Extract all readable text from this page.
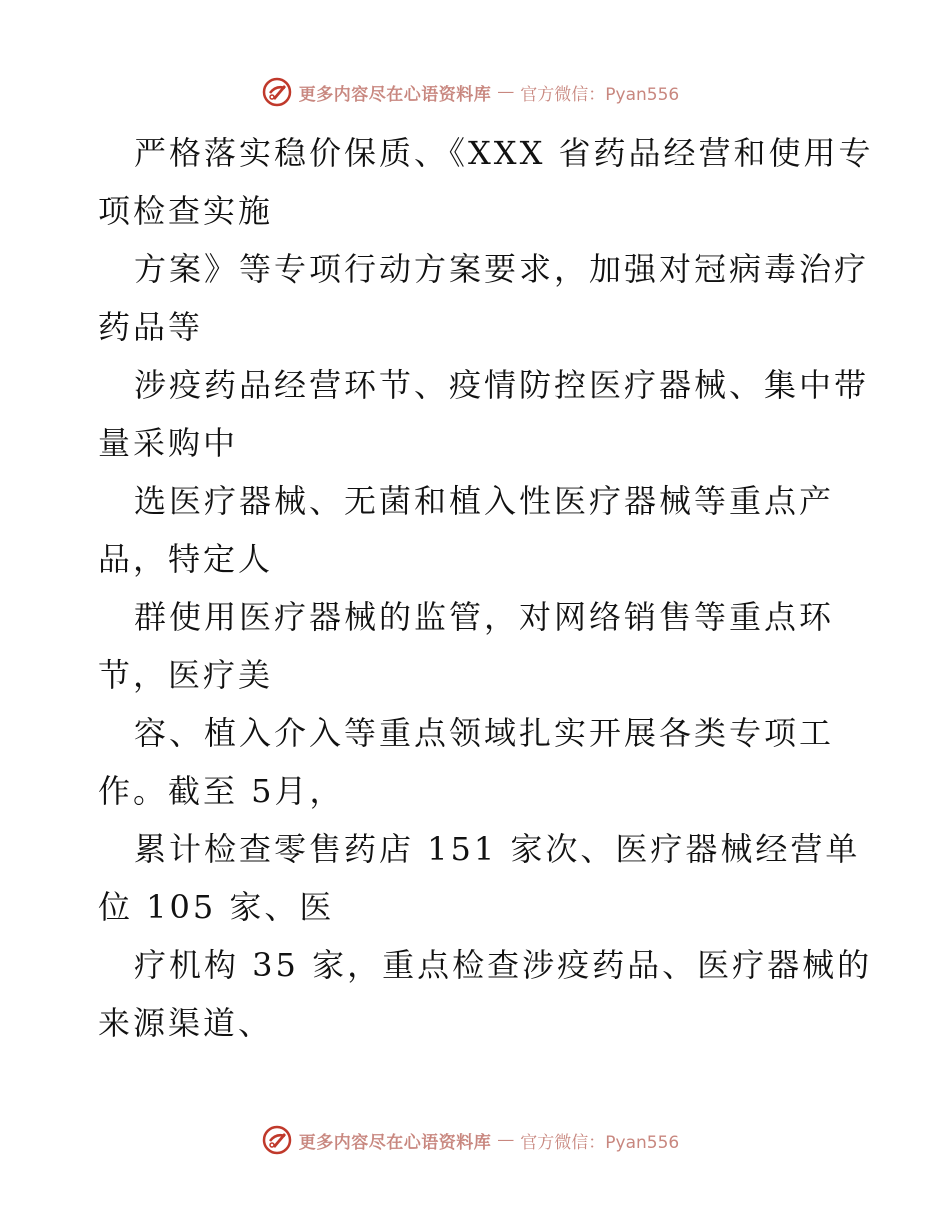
更多内容尽在心语资料库 — 官方微信：Pyan556
严格落实稳价保质、《XXX 省药品经营和使用专
项检查实施
方案》等专项行动方案要求，加强对冠病毒治疗
药品等
涉疫药品经营环节、疫情防控医疗器械、集中带
量采购中
选医疗器械、无菌和植入性医疗器械等重点产
品，特定人
群使用医疗器械的监管，对网络销售等重点环
节，医疗美
容、植入介入等重点领域扎实开展各类专项工
作。截至 5月，
累计检查零售药店 151 家次、医疗器械经营单
位 105 家、医
疗机构 35 家，重点检查涉疫药品、医疗器械的
来源渠道、
更多内容尽在心语资料库 — 官方微信：Pyan556
